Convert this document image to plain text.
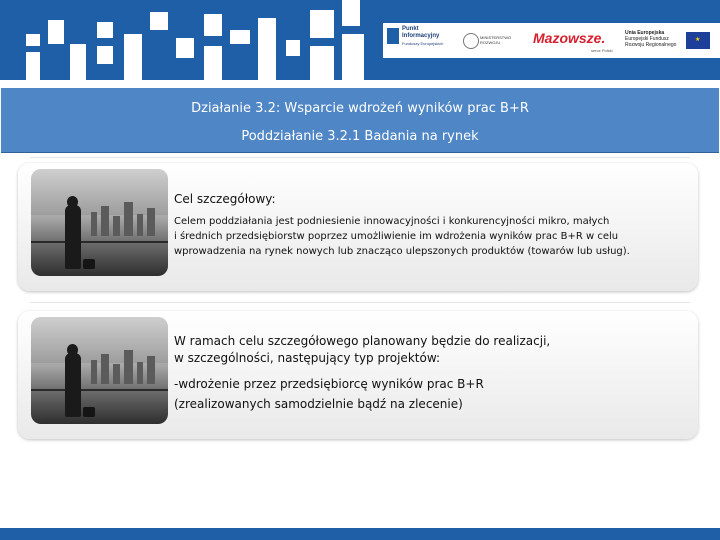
Punkt
Informacyjny
Funduszy Europejskich
MINISTERSTWO
ROZWOJU	Mazowsze.
serce Polski
Unia Europejska
Europejski Fundusz
Rozwoju Regionalnego
★
Działanie 3.2: Wsparcie wdrożeń wyników prac B+R
Poddziałanie 3.2.1 Badania na rynek
Cel szczegółowy:
Celem poddziałania jest podniesienie innowacyjności i konkurencyjności mikro, małych
i średnich przedsiębiorstw poprzez umożliwienie im wdrożenia wyników prac B+R w celu
wprowadzenia na rynek nowych lub znacząco ulepszonych produktów (towarów lub usług).
W ramach celu szczegółowego planowany będzie do realizacji,
w szczególności, następujący typ projektów:
-wdrożenie przez przedsiębiorcę wyników prac B+R
(zrealizowanych samodzielnie bądź na zlecenie)
